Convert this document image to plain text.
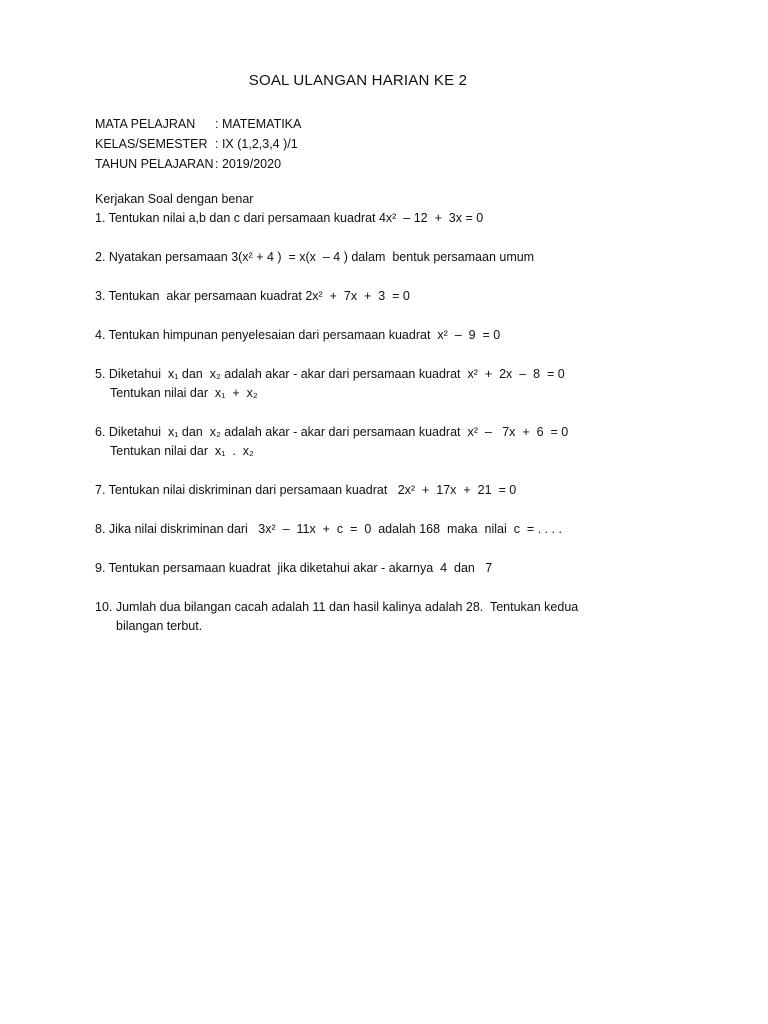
SOAL ULANGAN HARIAN KE 2
MATA PELAJRAN	: MATEMATIKA
KELAS/SEMESTER : IX (1,2,3,4 )/1
TAHUN PELAJARAN : 2019/2020
Kerjakan Soal dengan benar
1. Tentukan nilai a,b dan c dari persamaan kuadrat 4x²  – 12  +  3x = 0
2. Nyatakan persamaan 3(x² + 4 )  = x(x  – 4 ) dalam  bentuk persamaan umum
3. Tentukan  akar persamaan kuadrat 2x²  +  7x  +  3  = 0
4. Tentukan himpunan penyelesaian dari persamaan kuadrat  x²  –  9  = 0
5. Diketahui  x₁ dan  x₂ adalah akar - akar dari persamaan kuadrat  x²  +  2x  –  8  = 0
Tentukan nilai dar  x₁  +  x₂
6. Diketahui  x₁ dan  x₂ adalah akar - akar dari persamaan kuadrat  x²  –   7x  +  6  = 0
Tentukan nilai dar  x₁  .  x₂
7. Tentukan nilai diskriminan dari persamaan kuadrat   2x²  +  17x  +  21  = 0
8. Jika nilai diskriminan dari   3x²  –  11x  +  c  =  0  adalah 168  maka  nilai  c  = . . . .
9. Tentukan persamaan kuadrat  jika diketahui akar - akarnya  4  dan   7
10. Jumlah dua bilangan cacah adalah 11 dan hasil kalinya adalah 28.  Tentukan kedua
bilangan terbut.
